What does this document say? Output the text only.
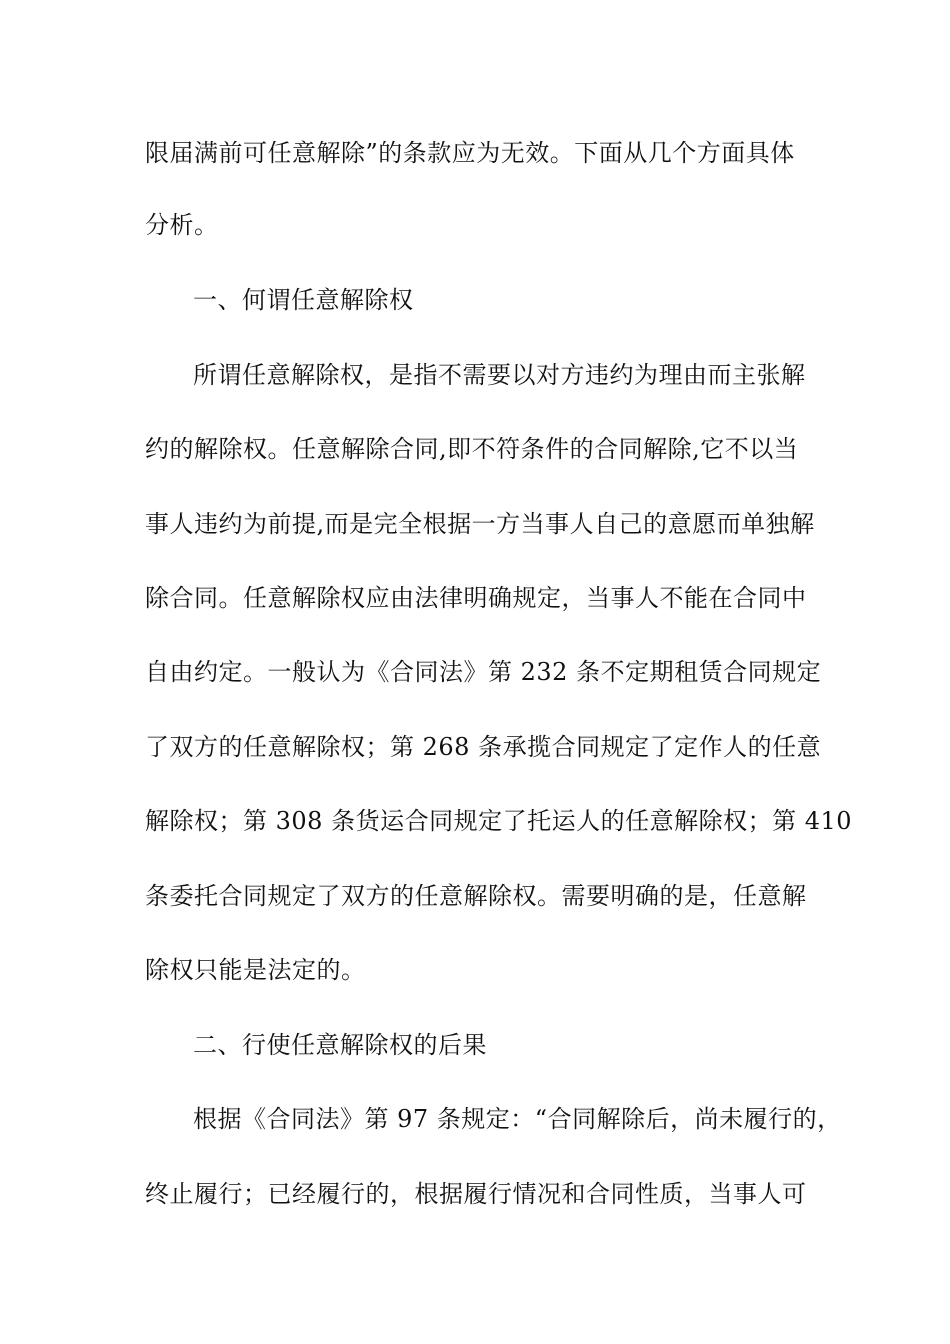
限届满前可任意解除”的条款应为无效。下面从几个方面具体
分析。
一、何谓任意解除权
所谓任意解除权，是指不需要以对方违约为理由而主张解
约的解除权。任意解除合同,即不符条件的合同解除,它不以当
事人违约为前提,而是完全根据一方当事人自己的意愿而单独解
除合同。任意解除权应由法律明确规定，当事人不能在合同中
自由约定。一般认为《合同法》第 232 条不定期租赁合同规定
了双方的任意解除权；第 268 条承揽合同规定了定作人的任意
解除权；第 308 条货运合同规定了托运人的任意解除权；第 410
条委托合同规定了双方的任意解除权。需要明确的是，任意解
除权只能是法定的。
二、行使任意解除权的后果
根据《合同法》第 97 条规定：“合同解除后，尚未履行的，
终止履行；已经履行的，根据履行情况和合同性质，当事人可
